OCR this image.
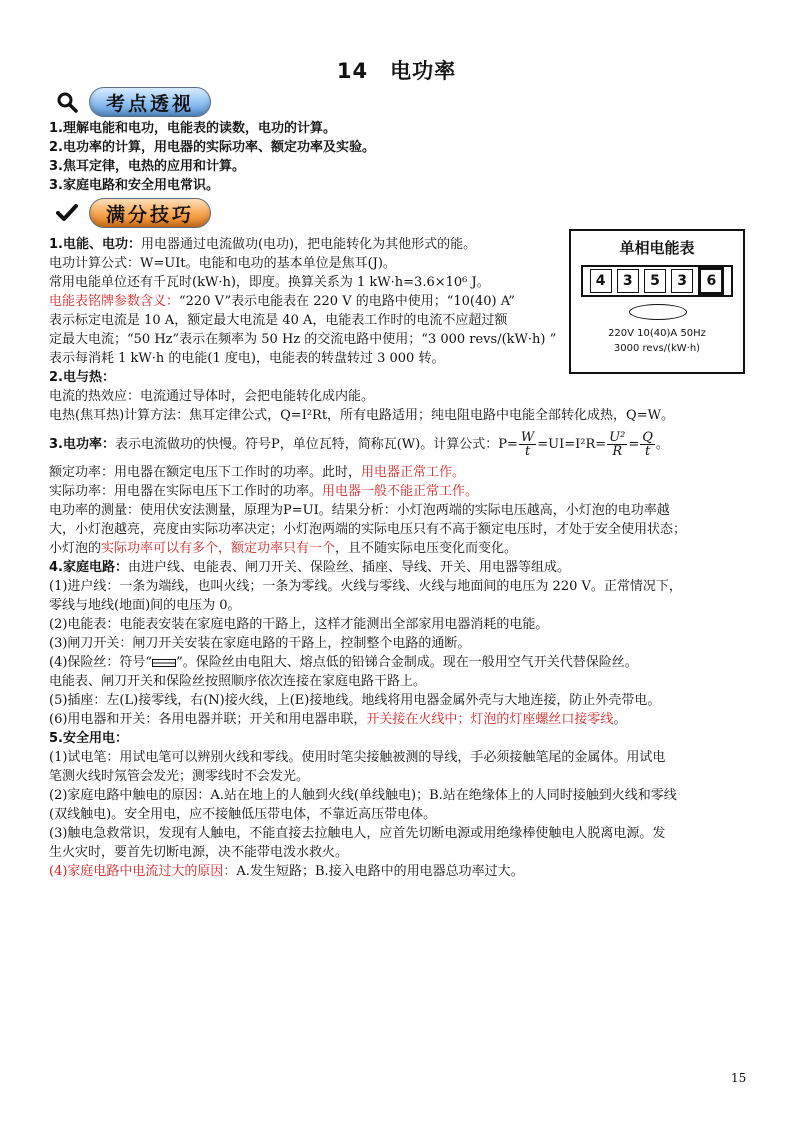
14　电功率
考点透视
1.理解电能和电功，电能表的读数，电功的计算。
2.电功率的计算，用电器的实际功率、额定功率及实验。
3.焦耳定律，电热的应用和计算。
3.家庭电路和安全用电常识。
满分技巧
单相电能表
4	3	5	3	6
220V 10(40)A 50Hz
3000 revs/(kW·h)
1.电能、电功：用电器通过电流做功(电功)，把电能转化为其他形式的能。
电功计算公式：W=UIt。电能和电功的基本单位是焦耳(J)。
常用电能单位还有千瓦时(kW·h)，即度。换算关系为 1 kW·h=3.6×10⁶ J。
电能表铭牌参数含义：“220 V”表示电能表在 220 V 的电路中使用；“10(40) A”
表示标定电流是 10 A，额定最大电流是 40 A，电能表工作时的电流不应超过额
定最大电流；“50 Hz”表示在频率为 50 Hz 的交流电路中使用；“3 000 revs/(kW·h) ”
表示每消耗 1 kW·h 的电能(1 度电)，电能表的转盘转过 3 000 转。
2.电与热：
电流的热效应：电流通过导体时，会把电能转化成内能。
电热(焦耳热)计算方法：焦耳定律公式，Q=I²Rt，所有电路适用；纯电阻电路中电能全部转化成热，Q=W。
3.电功率： 表示电流做功的快慢。符号P，单位瓦特，简称瓦(W)。计算公式：$P= \frac{W}{t} =UI=I^2R= \frac{\text{U²}}{R} = \frac{Q}{t}$ 。
额定功率：用电器在额定电压下工作时的功率。此时，用电器正常工作。
实际功率：用电器在实际电压下工作时的功率。用电器一般不能正常工作。
电功率的测量：使用伏安法测量，原理为P=UI。结果分析：小灯泡两端的实际电压越高，小灯泡的电功率越
大，小灯泡越亮，亮度由实际功率决定；小灯泡两端的实际电压只有不高于额定电压时，才处于安全使用状态；
小灯泡的实际功率可以有多个，额定功率只有一个，且不随实际电压变化而变化。
4.家庭电路：由进户线、电能表、闸刀开关、保险丝、插座、导线、开关、用电器等组成。
(1)进户线：一条为端线，也叫火线；一条为零线。火线与零线、火线与地面间的电压为 220 V。正常情况下，
零线与地线(地面)间的电压为 0。
(2)电能表：电能表安装在家庭电路的干路上，这样才能测出全部家用电器消耗的电能。
(3)闸刀开关：闸刀开关安装在家庭电路的干路上，控制整个电路的通断。
(4)保险丝：符号“ ”。保险丝由电阻大、熔点低的铅锑合金制成。现在一般用空气开关代替保险丝。
电能表、闸刀开关和保险丝按照顺序依次连接在家庭电路干路上。
(5)插座：左(L)接零线，右(N)接火线，上(E)接地线。地线将用电器金属外壳与大地连接，防止外壳带电。
(6)用电器和开关：各用电器并联；开关和用电器串联，开关接在火线中；灯泡的灯座螺丝口接零线。
5.安全用电：
(1)试电笔：用试电笔可以辨别火线和零线。使用时笔尖接触被测的导线，手必须接触笔尾的金属体。用试电
笔测火线时氖管会发光；测零线时不会发光。
(2)家庭电路中触电的原因：A.站在地上的人触到火线(单线触电)；B.站在绝缘体上的人同时接触到火线和零线
(双线触电)。安全用电，应不接触低压带电体，不靠近高压带电体。
(3)触电急救常识，发现有人触电，不能直接去拉触电人，应首先切断电源或用绝缘棒使触电人脱离电源。发
生火灾时，要首先切断电源，决不能带电泼水救火。
(4)家庭电路中电流过大的原因：A.发生短路；B.接入电路中的用电器总功率过大。
15
